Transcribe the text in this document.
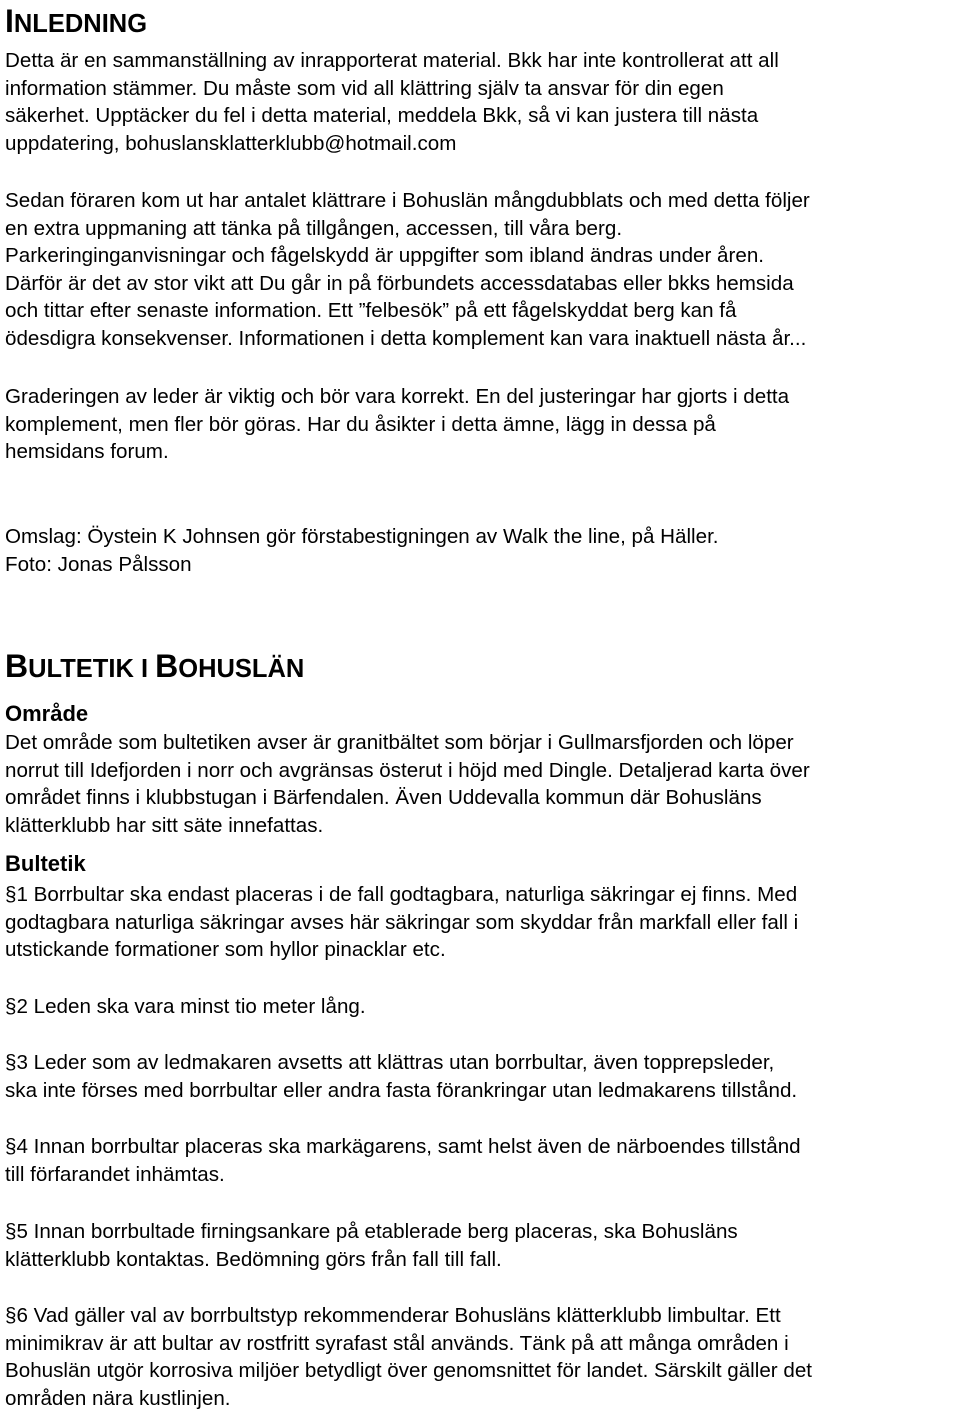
INLEDNING
Detta är en sammanställning av inrapporterat material. Bkk har inte kontrollerat att all
information stämmer. Du måste som vid all klättring själv ta ansvar för din egen
säkerhet. Upptäcker du fel i detta material, meddela Bkk, så vi kan justera till nästa
uppdatering, bohuslansklatterklubb@hotmail.com
Sedan föraren kom ut har antalet klättrare i Bohuslän mångdubblats och med detta följer
en extra uppmaning att tänka på tillgången, accessen, till våra berg.
Parkeringinganvisningar och fågelskydd är uppgifter som ibland ändras under åren.
Därför är det av stor vikt att Du går in på förbundets accessdatabas eller bkks hemsida
och tittar efter senaste information. Ett ”felbesök” på ett fågelskyddat berg kan få
ödesdigra konsekvenser. Informationen i detta komplement kan vara inaktuell nästa år...
Graderingen av leder är viktig och bör vara korrekt. En del justeringar har gjorts i detta
komplement, men fler bör göras. Har du åsikter i detta ämne, lägg in dessa på
hemsidans forum.
Omslag: Öystein K Johnsen gör förstabestigningen av Walk the line, på Häller.
Foto: Jonas Pålsson
BULTETIK I BOHUSLÄN
Område
Det område som bultetiken avser är granitbältet som börjar i Gullmarsfjorden och löper
norrut till Idefjorden i norr och avgränsas österut i höjd med Dingle. Detaljerad karta över
området finns i klubbstugan i Bärfendalen. Även Uddevalla kommun där Bohusläns
klätterklubb har sitt säte innefattas.
Bultetik
§1 Borrbultar ska endast placeras i de fall godtagbara, naturliga säkringar ej finns. Med
godtagbara naturliga säkringar avses här säkringar som skyddar från markfall eller fall i
utstickande formationer som hyllor pinacklar etc.
§2 Leden ska vara minst tio meter lång.
§3 Leder som av ledmakaren avsetts att klättras utan borrbultar, även topprepsleder,
ska inte förses med borrbultar eller andra fasta förankringar utan ledmakarens tillstånd.
§4 Innan borrbultar placeras ska markägarens, samt helst även de närboendes tillstånd
till förfarandet inhämtas.
§5 Innan borrbultade firningsankare på etablerade berg placeras, ska Bohusläns
klätterklubb kontaktas. Bedömning görs från fall till fall.
§6 Vad gäller val av borrbultstyp rekommenderar Bohusläns klätterklubb limbultar. Ett
minimikrav är att bultar av rostfritt syrafast stål används. Tänk på att många områden i
Bohuslän utgör korrosiva miljöer betydligt över genomsnittet för landet. Särskilt gäller det
områden nära kustlinjen.
